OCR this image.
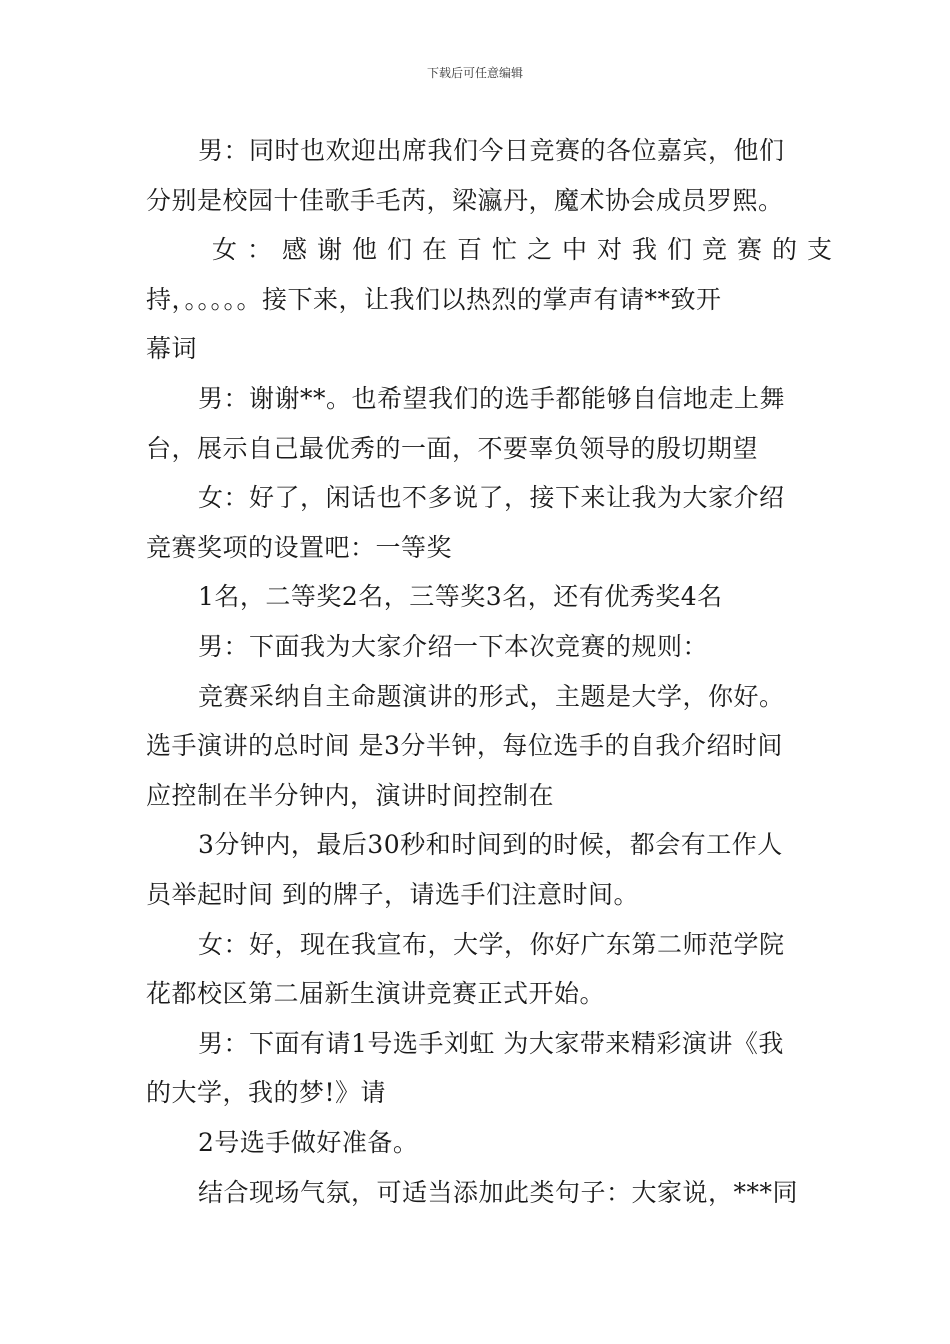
下载后可任意编辑
男：同时也欢迎出席我们今日竞赛的各位嘉宾，他们
分别是校园十佳歌手毛芮，梁瀛丹，魔术协会成员罗熙。
女：感谢他们在百忙之中对我们竞赛的支
持，。。。。。接下来，让我们以热烈的掌声有请**致开
幕词
男：谢谢**。也希望我们的选手都能够自信地走上舞
台，展示自己最优秀的一面，不要辜负领导的殷切期望
女：好了，闲话也不多说了，接下来让我为大家介绍
竞赛奖项的设置吧：一等奖
1名，二等奖2名，三等奖3名，还有优秀奖4名
男：下面我为大家介绍一下本次竞赛的规则：
竞赛采纳自主命题演讲的形式，主题是大学，你好。
选手演讲的总时间 是3分半钟，每位选手的自我介绍时间
应控制在半分钟内，演讲时间控制在
3分钟内，最后30秒和时间到的时候，都会有工作人
员举起时间 到的牌子，请选手们注意时间。
女：好，现在我宣布，大学，你好广东第二师范学院
花都校区第二届新生演讲竞赛正式开始。
男：下面有请1号选手刘虹 为大家带来精彩演讲《我
的大学，我的梦!》请
2号选手做好准备。
结合现场气氛，可适当添加此类句子：大家说，***同
